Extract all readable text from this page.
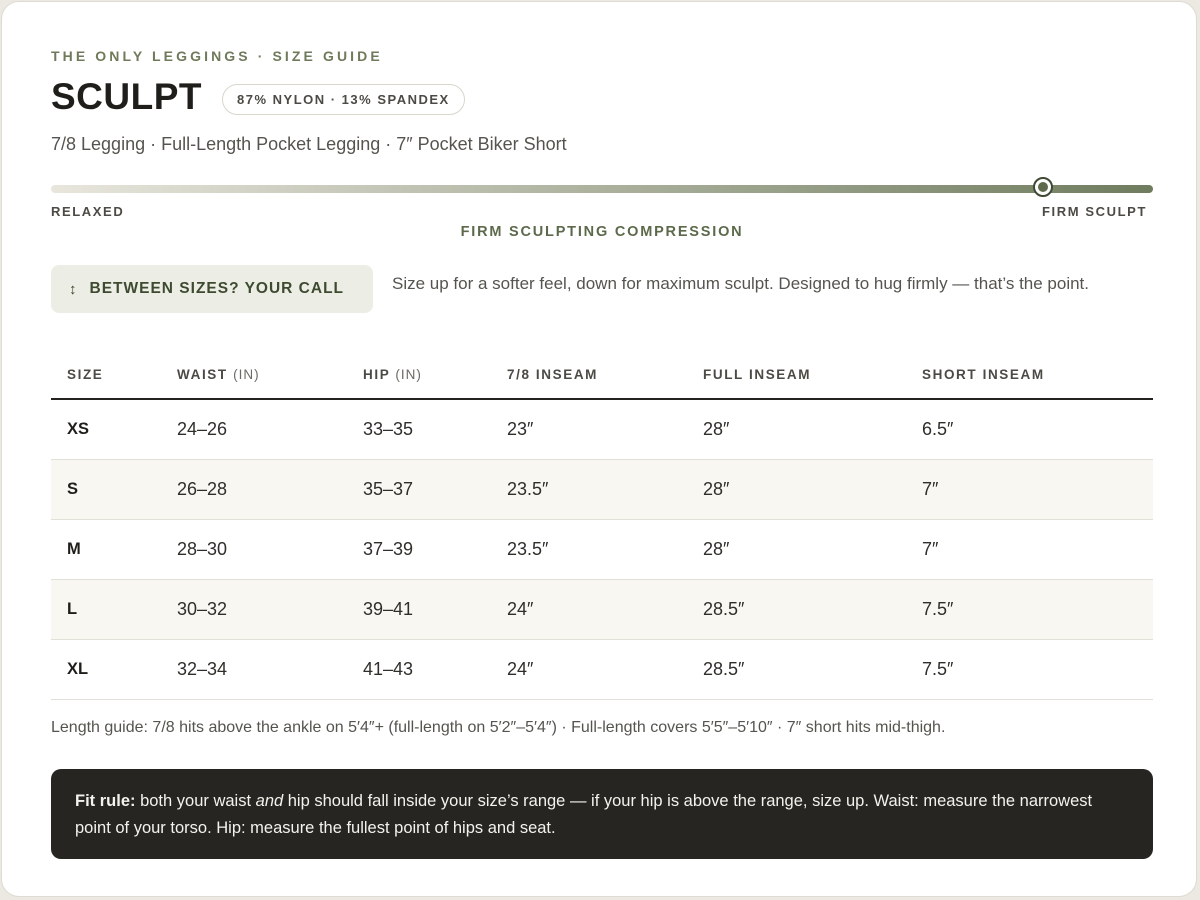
THE ONLY LEGGINGS · SIZE GUIDE
SCULPT	87% NYLON · 13% SPANDEX
7/8 Legging · Full-Length Pocket Legging · 7″ Pocket Biker Short
RELAXED	FIRM SCULPT
FIRM SCULPTING COMPRESSION
↕ BETWEEN SIZES? YOUR CALL	Size up for a softer feel, down for maximum sculpt. Designed to hug firmly — that’s the point.
SIZE	WAIST (IN)	HIP (IN)	7/8 INSEAM	FULL INSEAM	SHORT INSEAM
XS	24–26	33–35	23″	28″	6.5″
S	26–28	35–37	23.5″	28″	7″
M	28–30	37–39	23.5″	28″	7″
L	30–32	39–41	24″	28.5″	7.5″
XL	32–34	41–43	24″	28.5″	7.5″
Length guide: 7/8 hits above the ankle on 5′4″+ (full-length on 5′2″–5′4″) · Full-length covers 5′5″–5′10″ · 7″ short hits mid-thigh.
Fit rule: both your waist and hip should fall inside your size’s range — if your hip is above the range, size up. Waist: measure the narrowest point of your torso. Hip: measure the fullest point of hips and seat.
